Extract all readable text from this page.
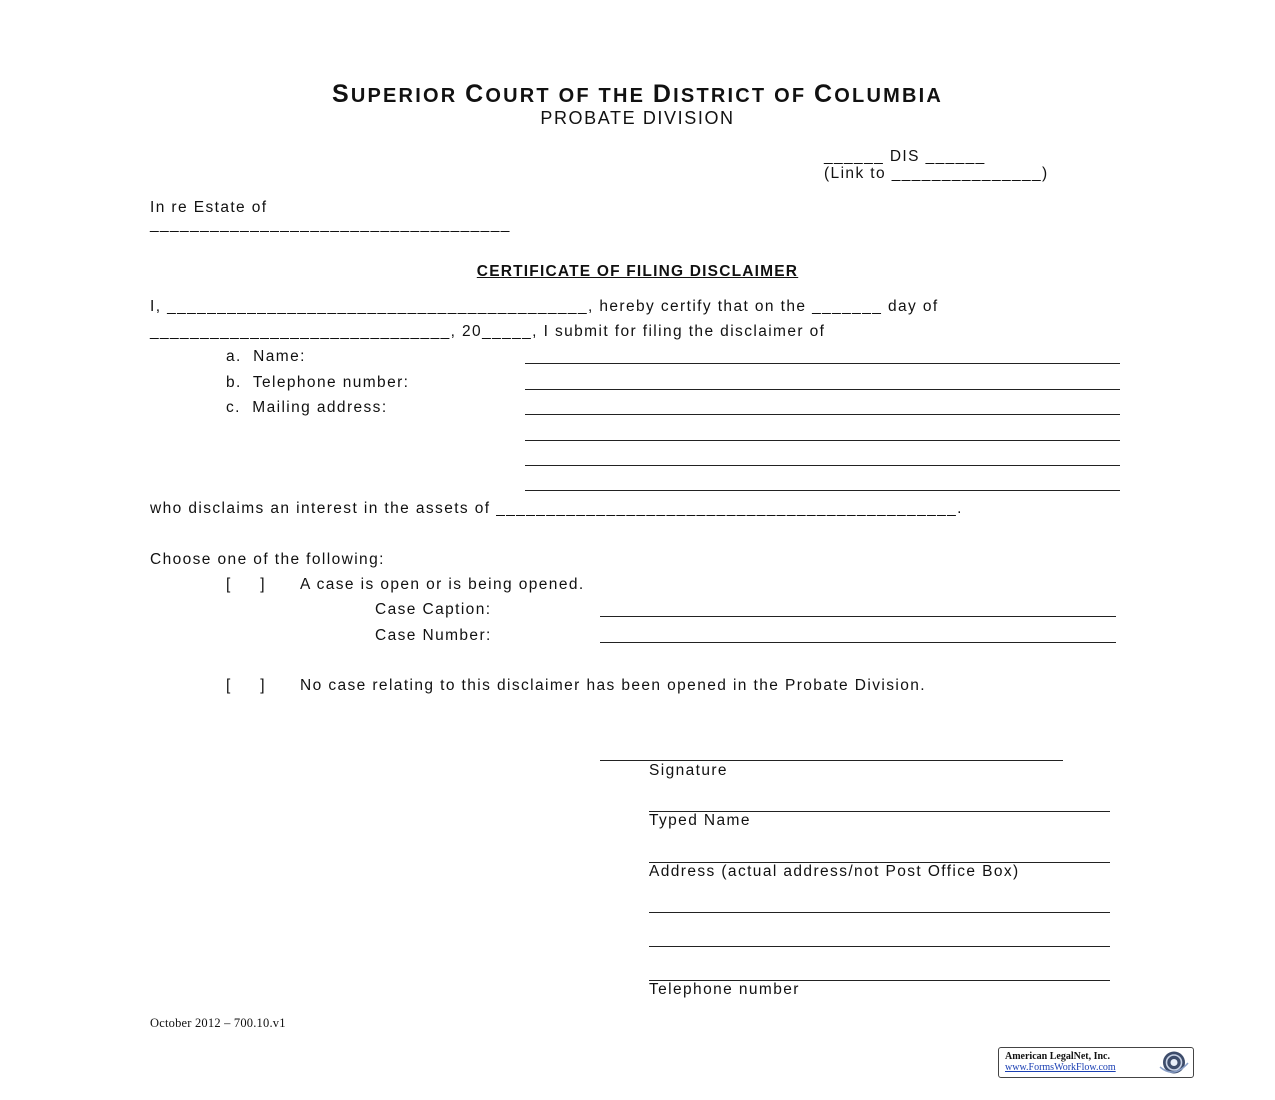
SUPERIOR COURT OF THE DISTRICT OF COLUMBIA
PROBATE DIVISION
______ DIS ______
(Link to _______________)
In re Estate of
____________________________________
CERTIFICATE OF FILING DISCLAIMER
I, __________________________________________, hereby certify that on the _______ day of
______________________________, 20_____, I submit for filing the disclaimer of
a.  Name:
b.  Telephone number:
c.  Mailing address:
who disclaims an interest in the assets of ______________________________________________.
Choose one of the following:
[     ] A case is open or is being opened.
Case Caption:
Case Number:
[     ] No case relating to this disclaimer has been opened in the Probate Division.
Signature
Typed Name
Address (actual address/not Post Office Box)
Telephone number
October 2012 – 700.10.v1
American LegalNet, Inc.
www.FormsWorkFlow.com
